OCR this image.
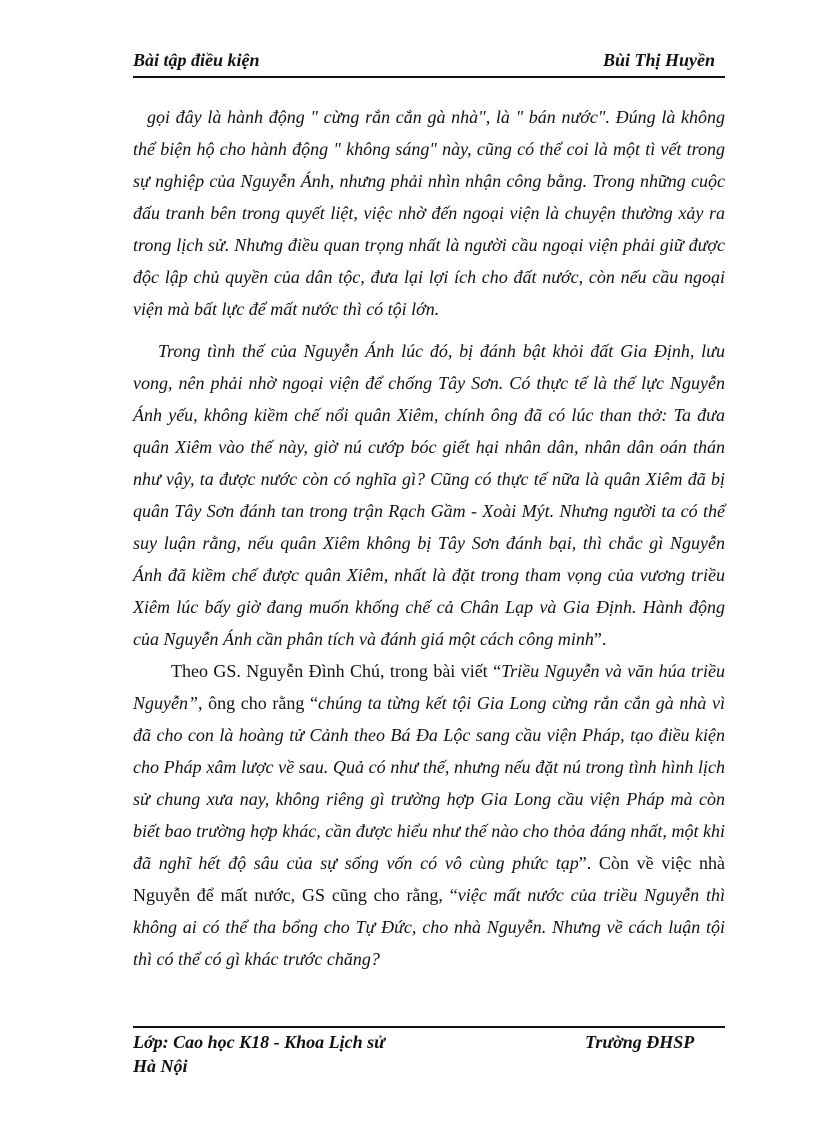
Bài tập điều kiện	Bùi Thị Huyền

gọi đây là hành động " cừng rắn cắn gà nhà", là " bán nước". Đúng là không thể biện hộ cho hành động " không sáng" này, cũng có thể coi là một tì vết trong sự nghiệp của Nguyễn Ánh, nhưng phải nhìn nhận công bằng. Trong những cuộc đấu tranh bên trong quyết liệt, việc nhờ đến ngoại viện là chuyện thường xảy ra trong lịch sử. Nhưng điều quan trọng nhất là người cầu ngoại viện phải giữ được độc lập chủ quyền của dân tộc, đưa lại lợi ích cho đất nước, còn nếu cầu ngoại viện mà bất lực để mất nước thì có tội lớn.

Trong tình thế của Nguyễn Ánh lúc đó, bị đánh bật khỏi đất Gia Định, lưu vong, nên phải nhờ ngoại viện để chống Tây Sơn. Có thực tế là thế lực Nguyễn Ánh yếu, không kiềm chế nổi quân Xiêm, chính ông đã có lúc than thở: Ta đưa quân Xiêm vào thế này, giờ nú cướp bóc giết hại nhân dân, nhân dân oán thán như vậy, ta được nước còn có nghĩa gì? Cũng có thực tế nữa là quân Xiêm đã bị quân Tây Sơn đánh tan trong trận Rạch Gầm - Xoài Mýt. Nhưng người ta có thể suy luận rằng, nếu quân Xiêm không bị Tây Sơn đánh bại, thì chắc gì Nguyễn Ánh đã kiềm chế được quân Xiêm, nhất là đặt trong tham vọng của vương triều Xiêm lúc bấy giờ đang muốn khống chế cả Chân Lạp và Gia Định. Hành động của Nguyễn Ánh cần phân tích và đánh giá một cách công minh”.

Theo GS. Nguyễn Đình Chú, trong bài viết “Triều Nguyễn và văn húa triều Nguyễn”, ông cho rằng “chúng ta từng kết tội Gia Long cừng rắn cắn gà nhà vì đã cho con là hoàng tử Cảnh theo Bá Đa Lộc sang cầu viện Pháp, tạo điều kiện cho Pháp xâm lược về sau. Quả có như thế, nhưng nếu đặt nú trong tình hình lịch sử chung xưa nay, không riêng gì trường hợp Gia Long cầu viện Pháp mà còn biết bao trường hợp khác, cần được hiểu như thế nào cho thỏa đáng nhất, một khi đã nghĩ hết độ sâu của sự sống vốn có vô cùng phức tạp”. Còn về việc nhà Nguyễn để mất nước, GS cũng cho rằng, “việc mất nước của triều Nguyễn thì không ai có thể tha bổng cho Tự Đức, cho nhà Nguyễn. Nhưng về cách luận tội thì có thể có gì khác trước chăng?

Lớp: Cao học K18 - Khoa Lịch sử	Trường ĐHSP
Hà Nội
